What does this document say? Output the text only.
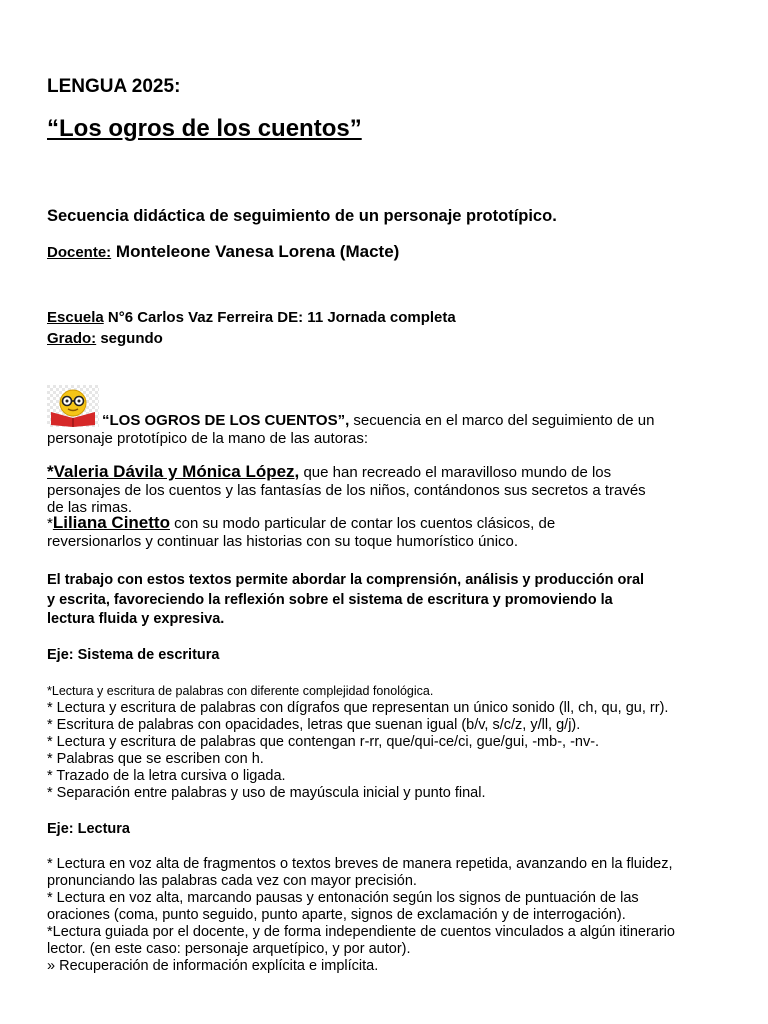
LENGUA 2025:
“Los ogros de los cuentos”
Secuencia didáctica de seguimiento de un personaje prototípico.
Docente: Monteleone Vanesa Lorena (Macte)
Escuela N°6 Carlos Vaz Ferreira DE: 11 Jornada completa
Grado: segundo
“LOS OGROS DE LOS CUENTOS”, secuencia en el marco del seguimiento de un
personaje prototípico de la mano de las autoras:
*Valeria Dávila y Mónica López, que han recreado el maravilloso mundo de los
personajes de los cuentos y las fantasías de los niños, contándonos sus secretos a través
de las rimas.
*Liliana Cinetto con su modo particular de contar los cuentos clásicos, de
reversionarlos y continuar las historias con su toque humorístico único.
El trabajo con estos textos permite abordar la comprensión, análisis y producción oral
y escrita, favoreciendo la reflexión sobre el sistema de escritura y promoviendo la
lectura fluida y expresiva.
Eje: Sistema de escritura
*Lectura y escritura de palabras con diferente complejidad fonológica.
* Lectura y escritura de palabras con dígrafos que representan un único sonido (ll, ch, qu, gu, rr).
* Escritura de palabras con opacidades, letras que suenan igual (b/v, s/c/z, y/ll, g/j).
* Lectura y escritura de palabras que contengan r-rr, que/qui-ce/ci, gue/gui, -mb-, -nv-.
* Palabras que se escriben con h.
* Trazado de la letra cursiva o ligada.
* Separación entre palabras y uso de mayúscula inicial y punto final.
Eje: Lectura
* Lectura en voz alta de fragmentos o textos breves de manera repetida, avanzando en la fluidez,
pronunciando las palabras cada vez con mayor precisión.
* Lectura en voz alta, marcando pausas y entonación según los signos de puntuación de las
oraciones (coma, punto seguido, punto aparte, signos de exclamación y de interrogación).
*Lectura guiada por el docente, y de forma independiente de cuentos vinculados a algún itinerario
lector. (en este caso: personaje arquetípico, y por autor).
» Recuperación de información explícita e implícita.
